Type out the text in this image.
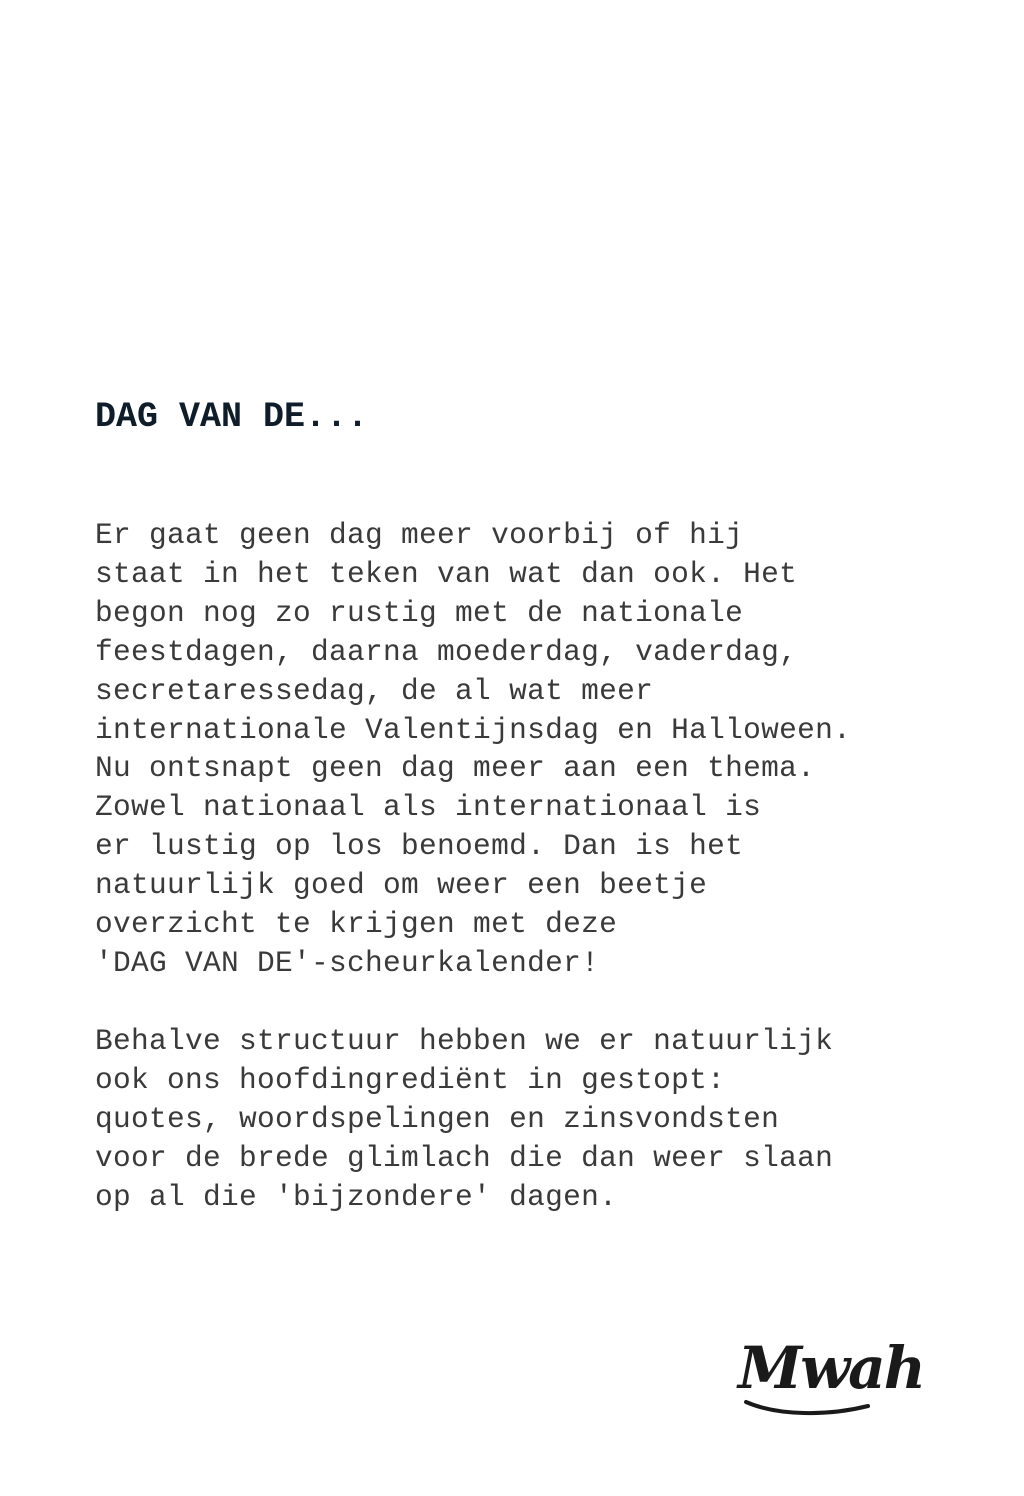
DAG VAN DE...

Er gaat geen dag meer voorbij of hij
staat in het teken van wat dan ook. Het
begon nog zo rustig met de nationale
feestdagen, daarna moederdag, vaderdag,
secretaressedag, de al wat meer
internationale Valentijnsdag en Halloween.
Nu ontsnapt geen dag meer aan een thema.
Zowel nationaal als internationaal is
er lustig op los benoemd. Dan is het
natuurlijk goed om weer een beetje
overzicht te krijgen met deze
'DAG VAN DE'-scheurkalender!

Behalve structuur hebben we er natuurlijk
ook ons hoofdingrediënt in gestopt:
quotes, woordspelingen en zinsvondsten
voor de brede glimlach die dan weer slaan
op al die 'bijzondere' dagen.

Mwah
